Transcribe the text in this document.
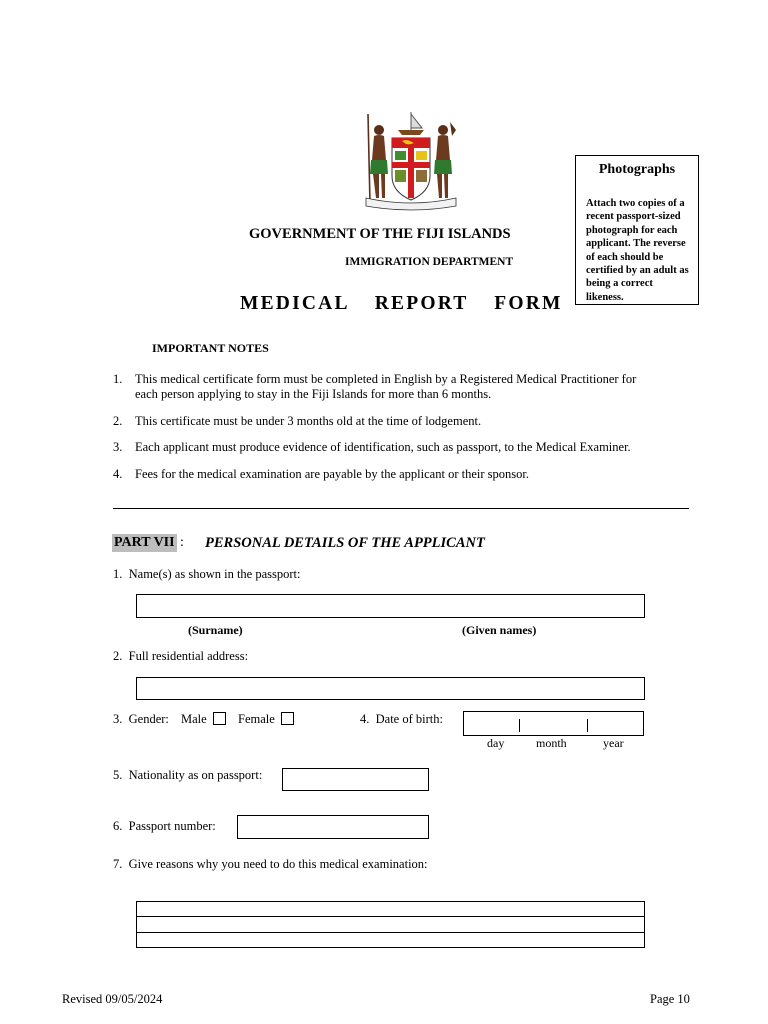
Photographs
Attach two copies of a recent passport-sized photograph for each applicant. The reverse of each should be certified by an adult as being a correct likeness.
GOVERNMENT OF THE FIJI ISLANDS
IMMIGRATION DEPARTMENT
MEDICAL  REPORT  FORM
IMPORTANT NOTES
1. This medical certificate form must be completed in English by a Registered Medical Practitioner for each person applying to stay in the Fiji Islands for more than 6 months.
2. This certificate must be under 3 months old at the time of lodgement.
3. Each applicant must produce evidence of identification, such as passport, to the Medical Examiner.
4. Fees for the medical examination are payable by the applicant or their sponsor.
PART VII : PERSONAL DETAILS OF THE APPLICANT
1.  Name(s) as shown in the passport:
(Surname)	(Given names)
2.  Full residential address:
3.  Gender: Male	Female	4.  Date of birth:
day	month	year
5.  Nationality as on passport:
6.  Passport number:
7.  Give reasons why you need to do this medical examination:
Revised 09/05/2024	Page 10
